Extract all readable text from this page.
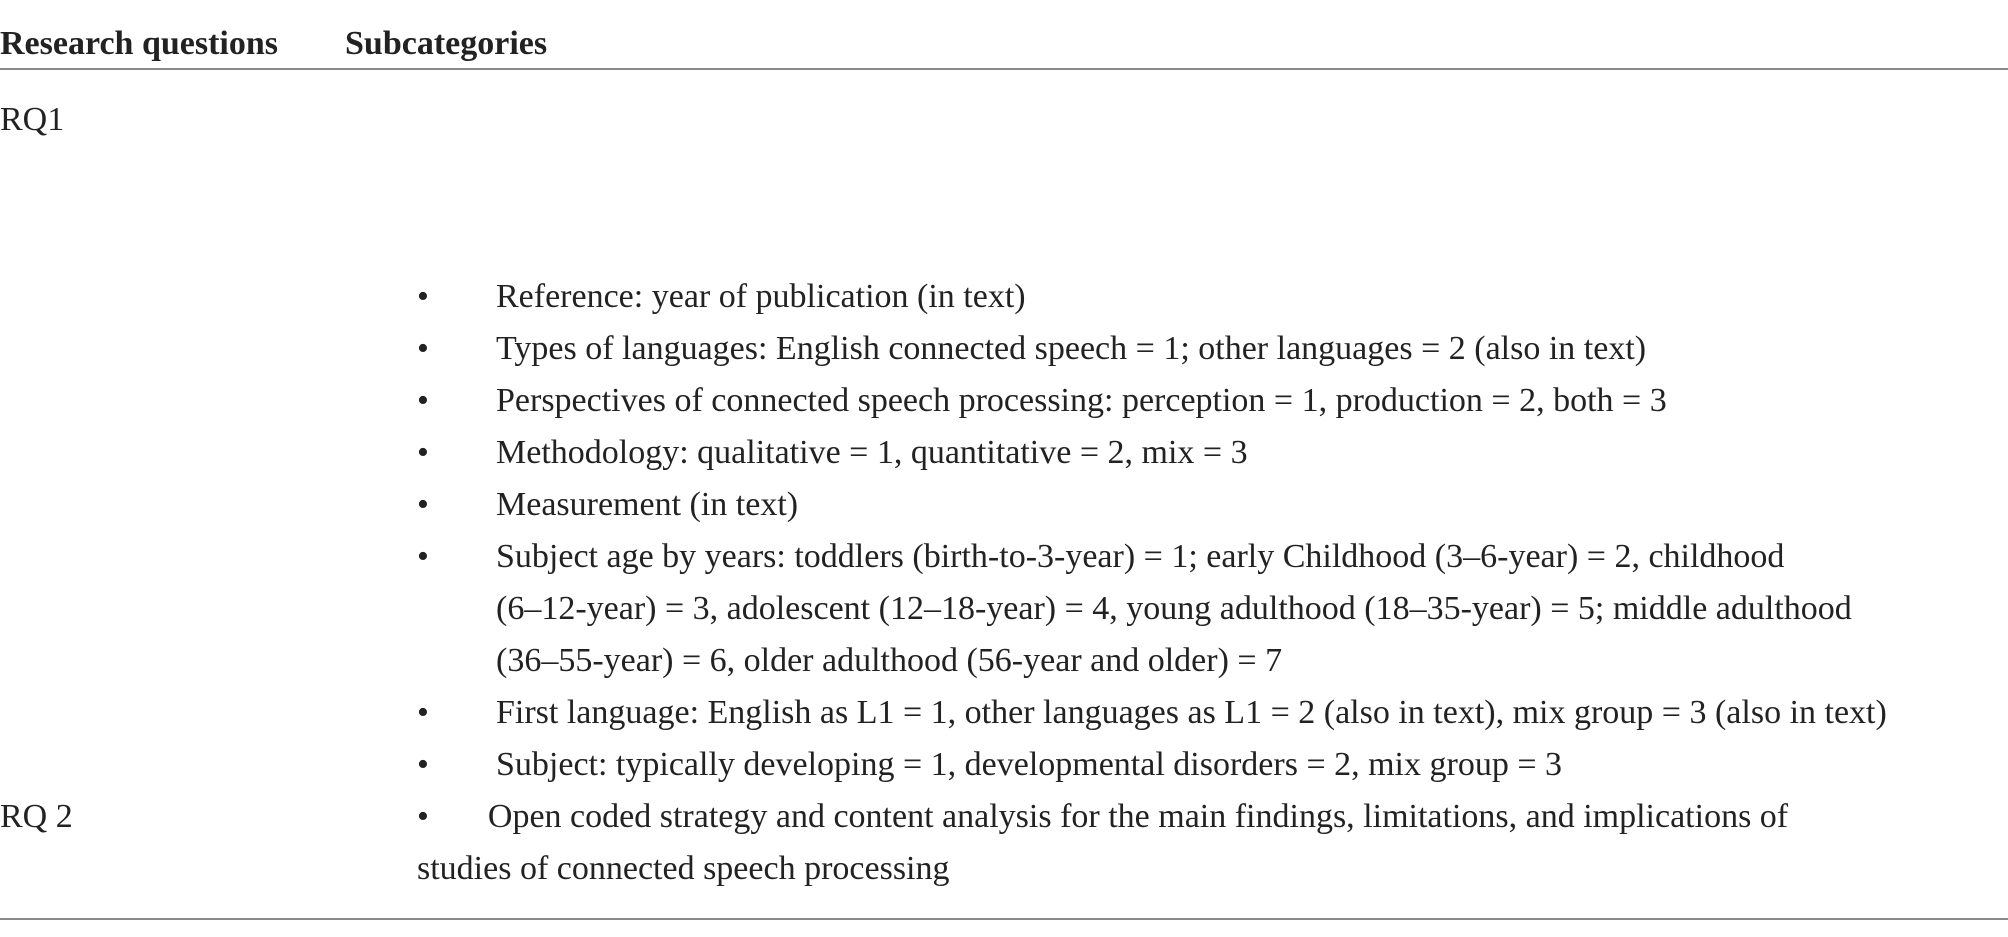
Research questions Subcategories
RQ1
• Reference: year of publication (in text)
• Types of languages: English connected speech = 1; other languages = 2 (also in text)
• Perspectives of connected speech processing: perception = 1, production = 2, both = 3
• Methodology: qualitative = 1, quantitative = 2, mix = 3
• Measurement (in text)
• Subject age by years: toddlers (birth-to-3-year) = 1; early Childhood (3–6-year) = 2, childhood
(6–12-year) = 3, adolescent (12–18-year) = 4, young adulthood (18–35-year) = 5; middle adulthood
(36–55-year) = 6, older adulthood (56-year and older) = 7
• First language: English as L1 = 1, other languages as L1 = 2 (also in text), mix group = 3 (also in text)
• Subject: typically developing = 1, developmental disorders = 2, mix group = 3
RQ 2	• Open coded strategy and content analysis for the main findings, limitations, and implications of
studies of connected speech processing
